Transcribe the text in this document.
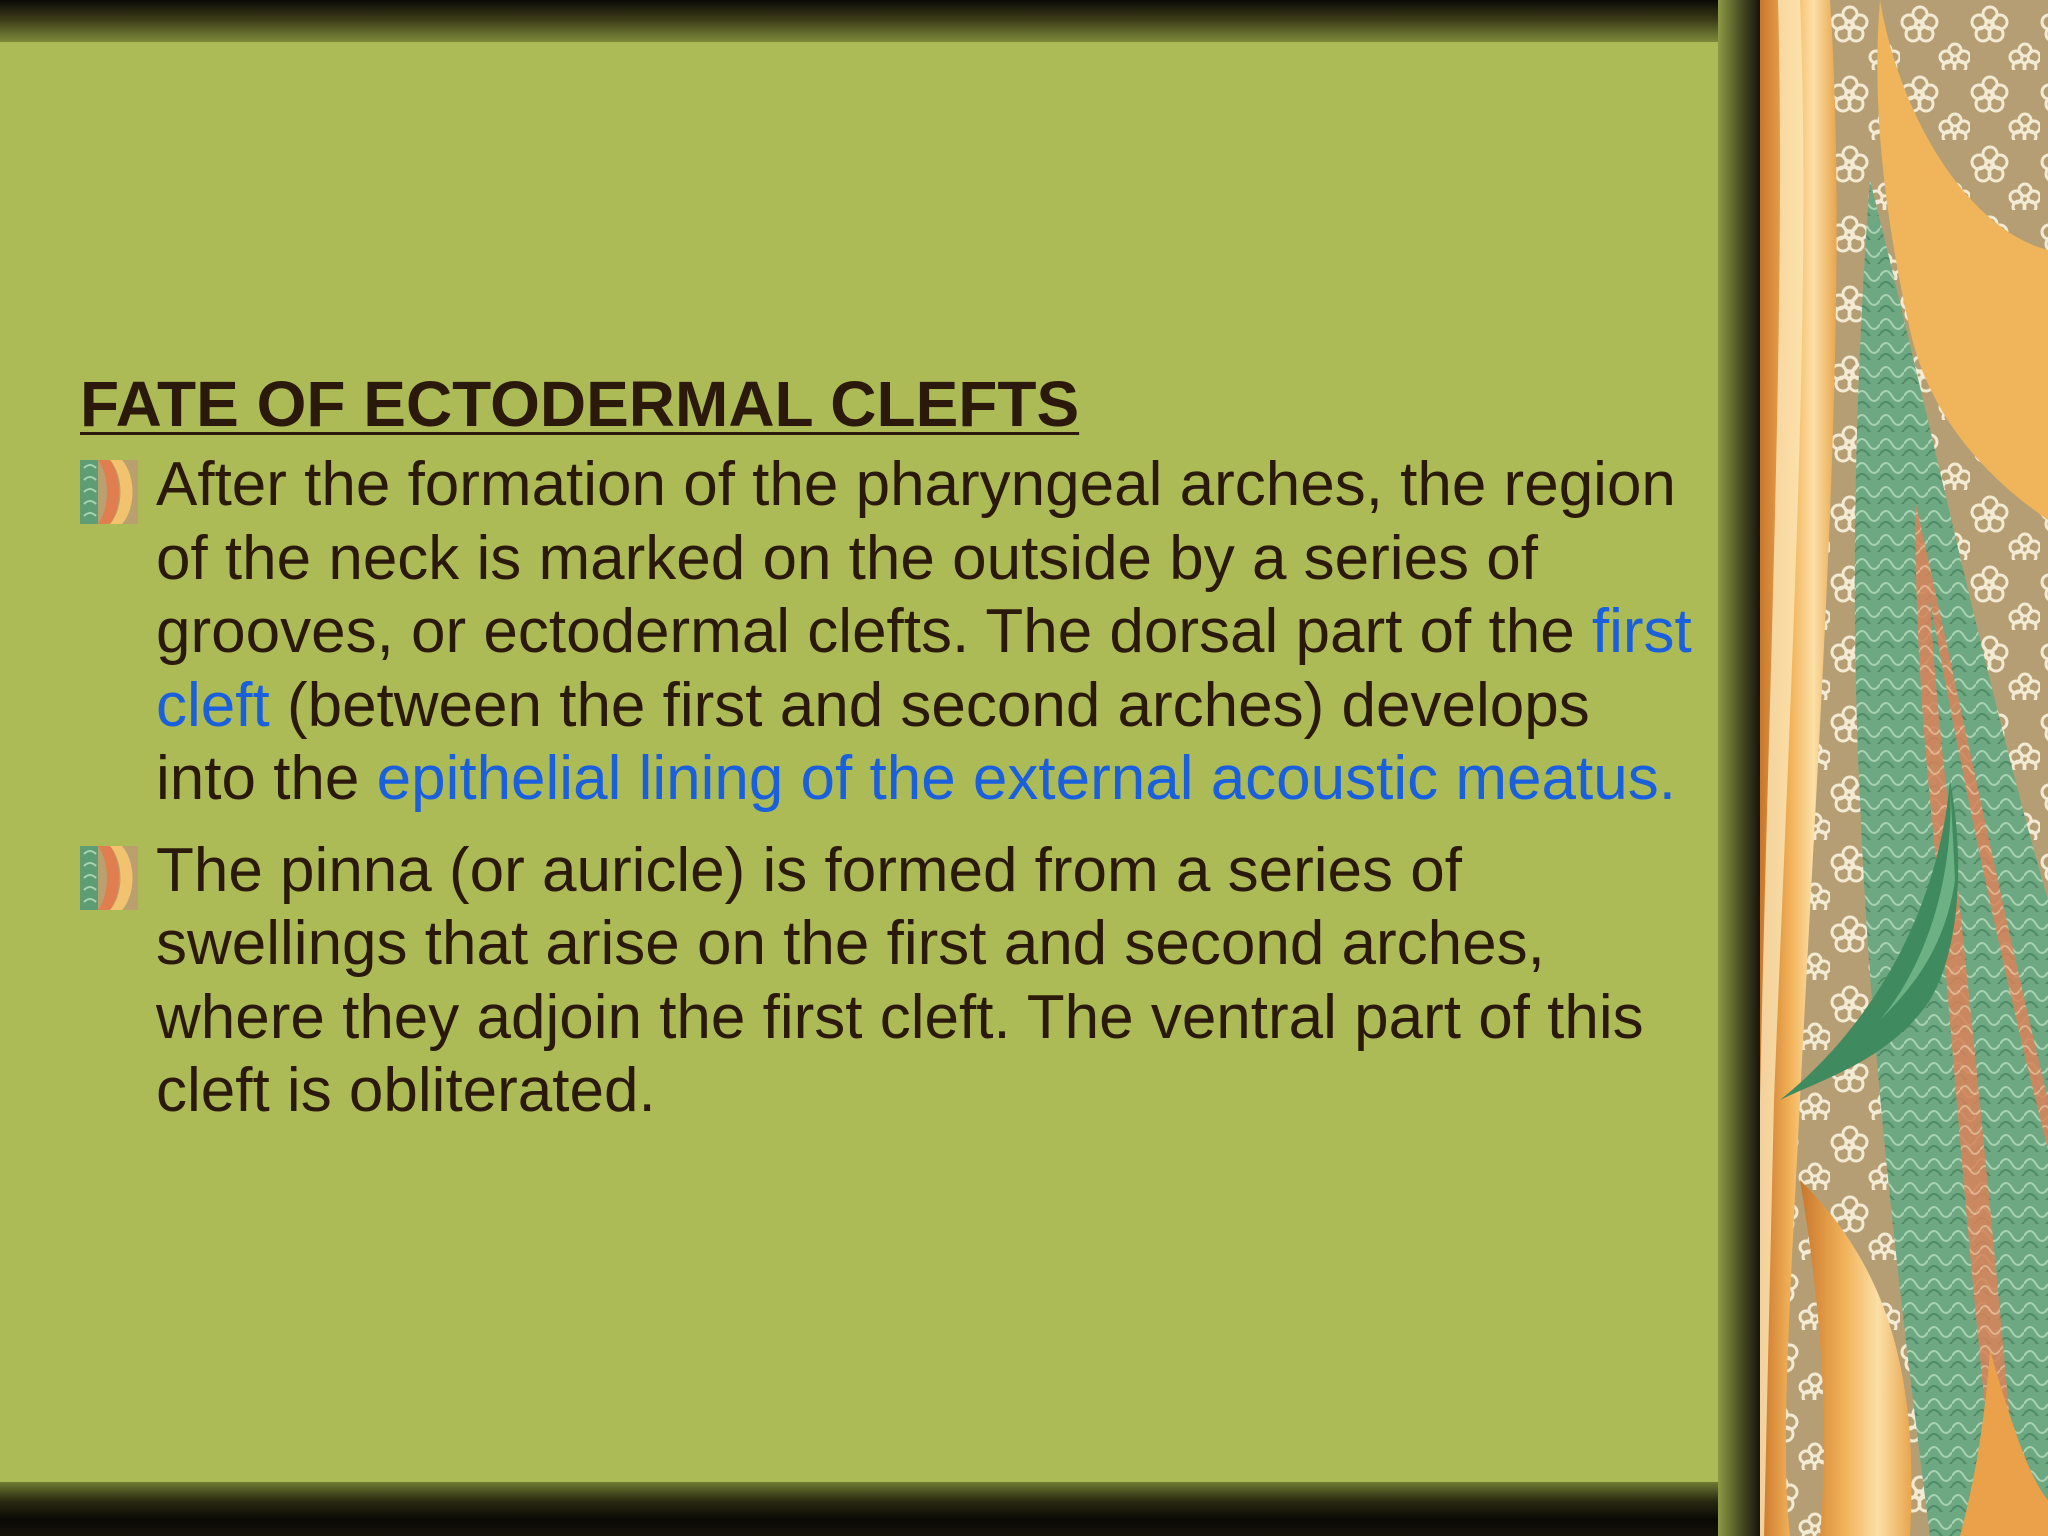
FATE OF ECTODERMAL CLEFTS
After the formation of the pharyngeal arches, the region of the neck is marked on the outside by a series of grooves, or ectodermal clefts. The dorsal part of the first cleft (between the first and second arches) develops into the epithelial lining of the external acoustic meatus.
The pinna (or auricle) is formed from a series of swellings that arise on the first and second arches, where they adjoin the first cleft. The ventral part of this cleft is obliterated.
